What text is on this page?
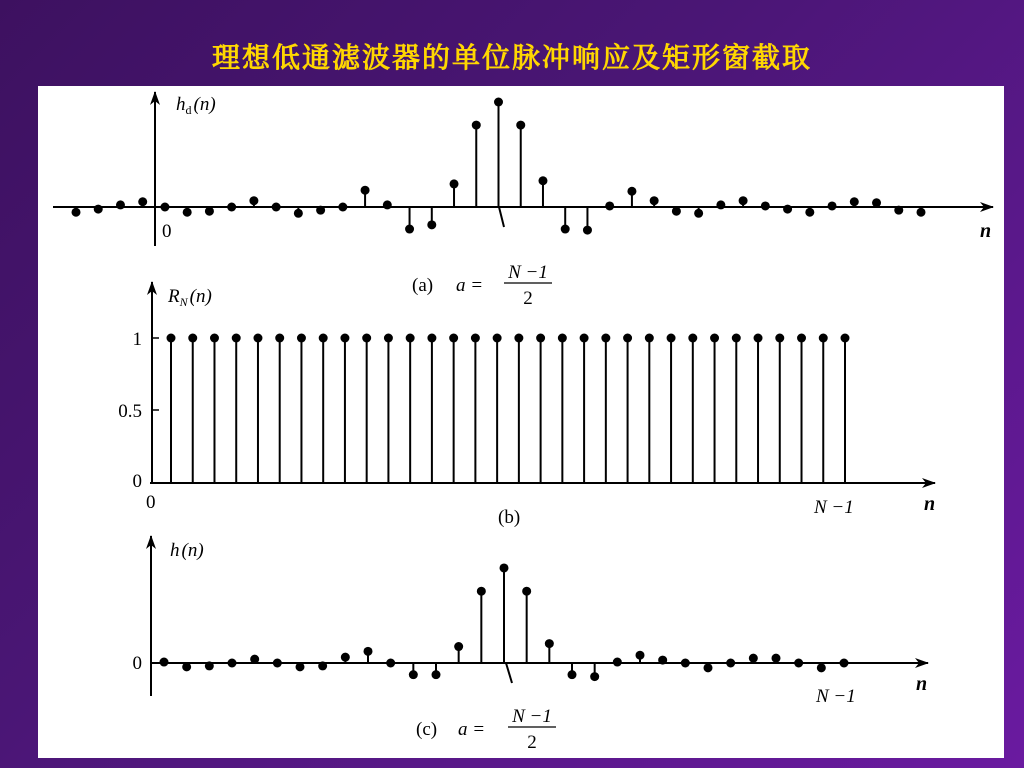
理想低通滤波器的单位脉冲响应及矩形窗截取
$h_d$ (n)
0	n
(a) a =
N −1
2
$R_N$ (n)
1
0.5
0
0	N −1	n
(b)
h (n)
0
N −1
n
(c) a =
N −1
2
